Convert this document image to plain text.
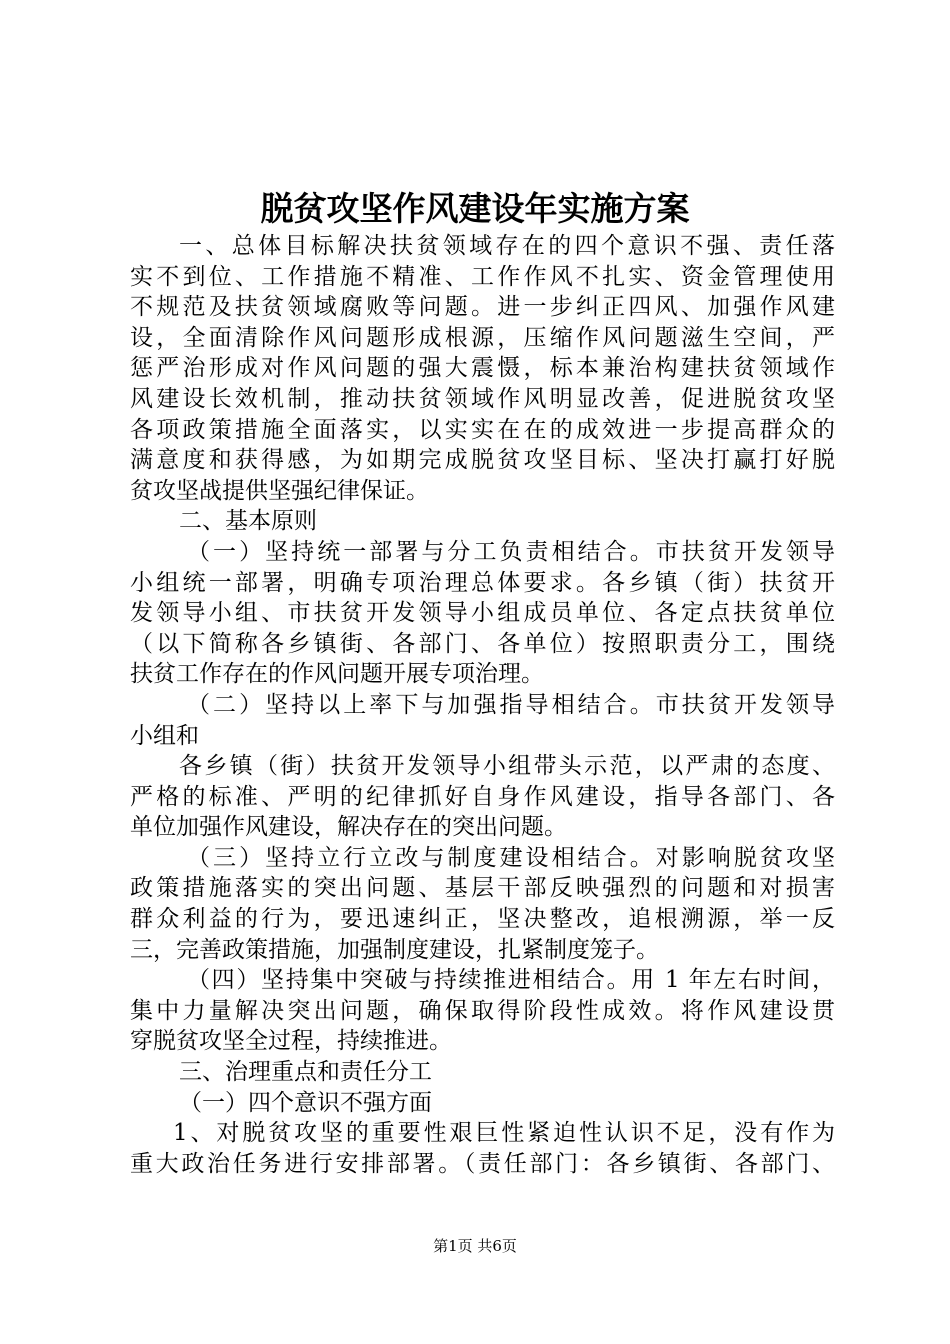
脱贫攻坚作风建设年实施方案
一、总体目标解决扶贫领域存在的四个意识不强、责任落
实不到位、工作措施不精准、工作作风不扎实、资金管理使用
不规范及扶贫领域腐败等问题。进一步纠正四风、加强作风建
设，全面清除作风问题形成根源，压缩作风问题滋生空间，严
惩严治形成对作风问题的强大震慑，标本兼治构建扶贫领域作
风建设长效机制，推动扶贫领域作风明显改善，促进脱贫攻坚
各项政策措施全面落实，以实实在在的成效进一步提高群众的
满意度和获得感，为如期完成脱贫攻坚目标、坚决打赢打好脱
贫攻坚战提供坚强纪律保证。
二、基本原则
（一）坚持统一部署与分工负责相结合。市扶贫开发领导
小组统一部署，明确专项治理总体要求。各乡镇（街）扶贫开
发领导小组、市扶贫开发领导小组成员单位、各定点扶贫单位
（以下简称各乡镇街、各部门、各单位）按照职责分工，围绕
扶贫工作存在的作风问题开展专项治理。
（二）坚持以上率下与加强指导相结合。市扶贫开发领导
小组和
各乡镇（街）扶贫开发领导小组带头示范，以严肃的态度、
严格的标准、严明的纪律抓好自身作风建设，指导各部门、各
单位加强作风建设，解决存在的突出问题。
（三）坚持立行立改与制度建设相结合。对影响脱贫攻坚
政策措施落实的突出问题、基层干部反映强烈的问题和对损害
群众利益的行为，要迅速纠正，坚决整改，追根溯源，举一反
三，完善政策措施，加强制度建设，扎紧制度笼子。
（四）坚持集中突破与持续推进相结合。用 1 年左右时间，
集中力量解决突出问题，确保取得阶段性成效。将作风建设贯
穿脱贫攻坚全过程，持续推进。
三、治理重点和责任分工
（一）四个意识不强方面
1、对脱贫攻坚的重要性艰巨性紧迫性认识不足，没有作为
重大政治任务进行安排部署。（责任部门：各乡镇街、各部门、
第1页 共6页
